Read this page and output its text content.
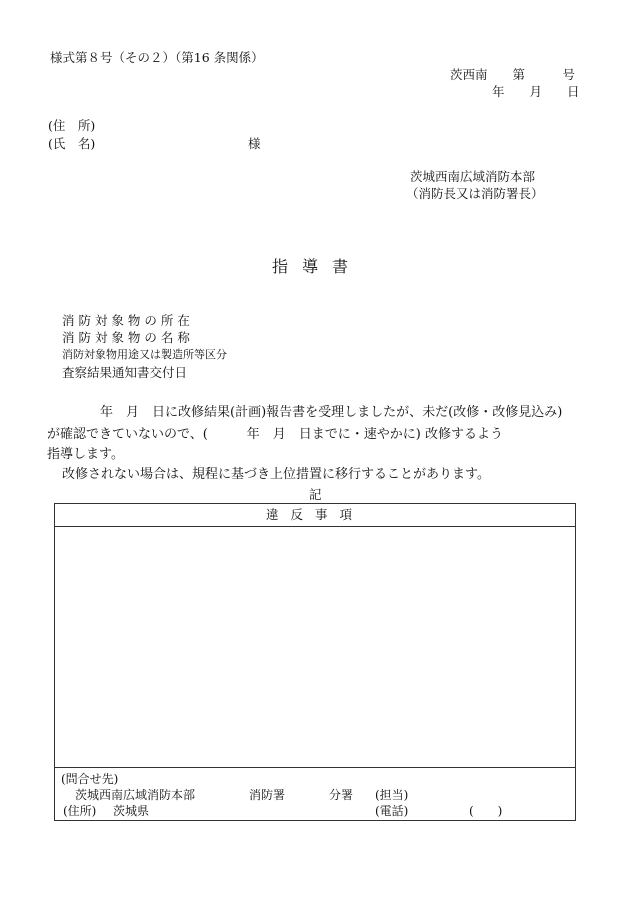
様式第８号（その２）（第16 条関係）
茨西南　　第　　　号
年　　月　　日
(住　所)
(氏　名)	様
茨城西南広域消防本部
（消防長又は消防署長）
指導書
消 防 対 象 物 の 所 在
消 防 対 象 物 の 名 称
消防対象物用途又は製造所等区分
査察結果通知書交付日
年　月　日に改修結果(計画)報告書を受理しましたが、未だ(改修・改修見込み)
が確認できていないので、(　　　年　月　日までに・速やかに) 改修するよう
指導します。
改修されない場合は、規程に基づき上位措置に移行することがあります。
記
違反事項
(問合せ先)
茨城西南広域消防本部	消防署	分署 (担当)
(住所) 茨城県	(電話)	(　　)
